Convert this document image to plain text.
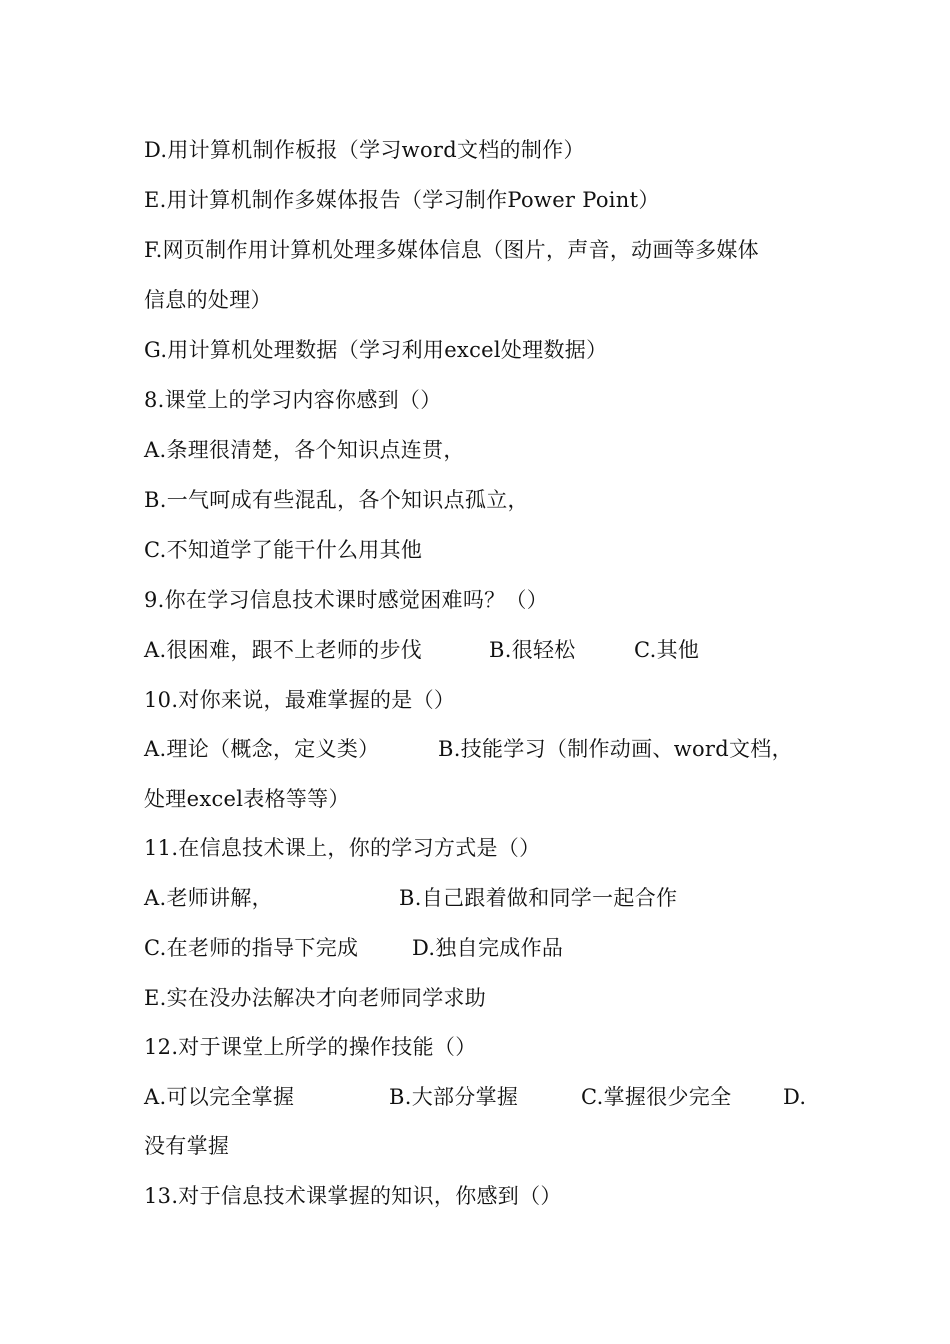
D.用计算机制作板报（学习word文档的制作）
E.用计算机制作多媒体报告（学习制作Power Point）
F.网页制作用计算机处理多媒体信息（图片，声音，动画等多媒体
信息的处理）
G.用计算机处理数据（学习利用excel处理数据）
8.课堂上的学习内容你感到（）
A.条理很清楚，各个知识点连贯，
B.一气呵成有些混乱，各个知识点孤立，
C.不知道学了能干什么用其他
9.你在学习信息技术课时感觉困难吗？（）
A.很困难，跟不上老师的步伐	B.很轻松	C.其他
10.对你来说，最难掌握的是（）
A.理论（概念，定义类）	B.技能学习（制作动画、word文档，
处理excel表格等等）
11.在信息技术课上，你的学习方式是（）
A.老师讲解，	B.自己跟着做和同学一起合作
C.在老师的指导下完成	D.独自完成作品
E.实在没办法解决才向老师同学求助
12.对于课堂上所学的操作技能（）
A.可以完全掌握	B.大部分掌握	C.掌握很少完全 D.
没有掌握
13.对于信息技术课掌握的知识，你感到（）
